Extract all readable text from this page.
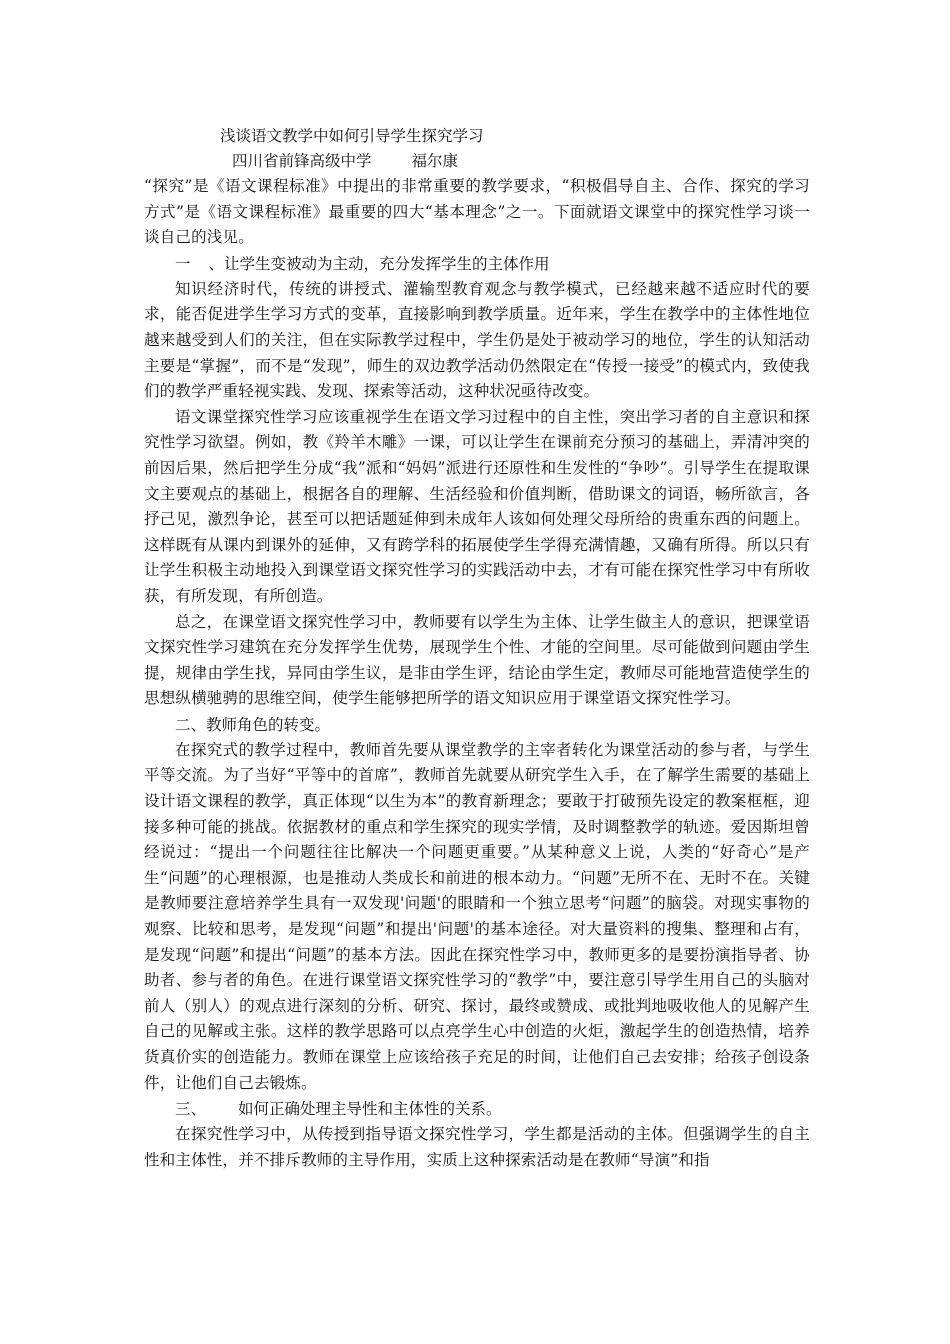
浅谈语文教学中如何引导学生探究学习
四川省前锋高级中学	福尔康

“探究”是《语文课程标准》中提出的非常重要的教学要求，“积极倡导自主、合作、探究的学习方式”是《语文课程标准》最重要的四大“基本理念”之一。下面就语文课堂中的探究性学习谈一谈自己的浅见。

一 、让学生变被动为主动，充分发挥学生的主体作用

知识经济时代，传统的讲授式、灌输型教育观念与教学模式，已经越来越不适应时代的要求，能否促进学生学习方式的变革，直接影响到教学质量。近年来，学生在教学中的主体性地位越来越受到人们的关注，但在实际教学过程中，学生仍是处于被动学习的地位，学生的认知活动主要是“掌握”，而不是“发现”，师生的双边教学活动仍然限定在“传授一接受”的模式内，致使我们的教学严重轻视实践、发现、探索等活动，这种状况亟待改变。

语文课堂探究性学习应该重视学生在语文学习过程中的自主性，突出学习者的自主意识和探究性学习欲望。例如，教《羚羊木雕》一课，可以让学生在课前充分预习的基础上，弄清冲突的前因后果，然后把学生分成“我”派和“妈妈”派进行还原性和生发性的“争吵”。引导学生在提取课文主要观点的基础上，根据各自的理解、生活经验和价值判断，借助课文的词语，畅所欲言，各抒己见，激烈争论，甚至可以把话题延伸到未成年人该如何处理父母所给的贵重东西的问题上。这样既有从课内到课外的延伸，又有跨学科的拓展使学生学得充满情趣，又确有所得。所以只有让学生积极主动地投入到课堂语文探究性学习的实践活动中去，才有可能在探究性学习中有所收获，有所发现，有所创造。

总之，在课堂语文探究性学习中，教师要有以学生为主体、让学生做主人的意识，把课堂语文探究性学习建筑在充分发挥学生优势，展现学生个性、才能的空间里。尽可能做到问题由学生提，规律由学生找，异同由学生议，是非由学生评，结论由学生定，教师尽可能地营造使学生的思想纵横驰骋的思维空间，使学生能够把所学的语文知识应用于课堂语文探究性学习。

二、教师角色的转变。

在探究式的教学过程中，教师首先要从课堂教学的主宰者转化为课堂活动的参与者，与学生平等交流。为了当好“平等中的首席”，教师首先就要从研究学生入手，在了解学生需要的基础上设计语文课程的教学，真正体现“以生为本”的教育新理念；要敢于打破预先设定的教案框框，迎接多种可能的挑战。依据教材的重点和学生探究的现实学情，及时调整教学的轨迹。爱因斯坦曾经说过：“提出一个问题往往比解决一个问题更重要。”从某种意义上说，人类的“好奇心”是产生“问题”的心理根源，也是推动人类成长和前进的根本动力。“问题”无所不在、无时不在。关键是教师要注意培养学生具有一双发现'问题'的眼睛和一个独立思考“问题”的脑袋。对现实事物的观察、比较和思考，是发现“问题”和提出'问题'的基本途径。对大量资料的搜集、整理和占有，是发现“问题”和提出“问题”的基本方法。因此在探究性学习中，教师更多的是要扮演指导者、协助者、参与者的角色。在进行课堂语文探究性学习的“教学”中，要注意引导学生用自己的头脑对前人（别人）的观点进行深刻的分析、研究、探讨，最终或赞成、或批判地吸收他人的见解产生自己的见解或主张。这样的教学思路可以点亮学生心中创造的火炬，激起学生的创造热情，培养货真价实的创造能力。教师在课堂上应该给孩子充足的时间，让他们自己去安排；给孩子创设条件，让他们自己去锻炼。

三、 如何正确处理主导性和主体性的关系。

在探究性学习中，从传授到指导语文探究性学习，学生都是活动的主体。但强调学生的自主性和主体性，并不排斥教师的主导作用，实质上这种探索活动是在教师“导演”和指
